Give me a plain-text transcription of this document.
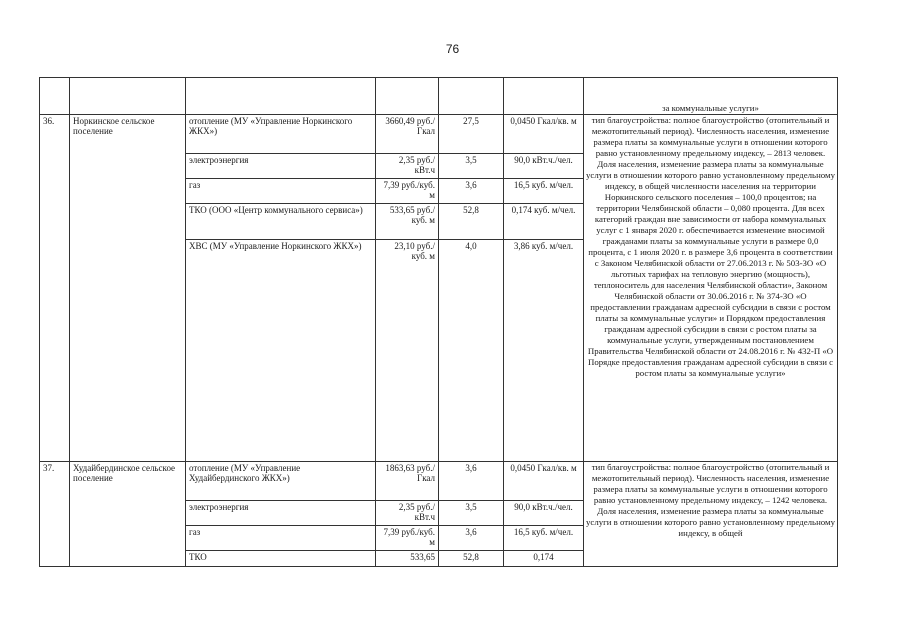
76
						за коммунальные услуги»
36.	Норкинское сельское поселение	отопление (МУ «Управление Норкинского ЖКХ»)	3660,49 руб./Гкал	27,5	0,0450 Гкал/кв. м	тип благоустройства: полное благоустройство (отопительный и межотопительный период). Численность населения, изменение размера платы за коммунальные услуги в отношении которого равно установленному предельному индексу, – 2813 человек. Доля населения, изменение размера платы за коммунальные услуги в отношении которого равно установленному предельному индексу, в общей численности населения на территории Норкинского сельского поселения – 100,0 процентов; на территории Челябинской области – 0,080 процента. Для всех категорий граждан вне зависимости от набора коммунальных услуг с 1 января 2020 г. обеспечивается изменение вносимой гражданами платы за коммунальные услуги в размере 0,0 процента, с 1 июля 2020 г. в размере 3,6 процента в соответствии с Законом Челябинской области от 27.06.2013 г. № 503-ЗО «О льготных тарифах на тепловую энергию (мощность), теплоноситель для населения Челябинской области», Законом Челябинской области от 30.06.2016 г. № 374-ЗО «О предоставлении гражданам адресной субсидии в связи с ростом платы за коммунальные услуги» и Порядком предоставления гражданам адресной субсидии в связи с ростом платы за коммунальные услуги, утвержденным постановлением Правительства Челябинской области от 24.08.2016 г. № 432-П «О Порядке предоставления гражданам адресной субсидии в связи с ростом платы за коммунальные услуги»
		электроэнергия	2,35 руб./кВт.ч	3,5	90,0 кВт.ч./чел.	
		газ	7,39 руб./куб. м	3,6	16,5 куб. м/чел.	
		ТКО (ООО «Центр коммунального сервиса»)	533,65 руб./куб. м	52,8	0,174 куб. м/чел.	
		ХВС (МУ «Управление Норкинского ЖКХ»)	23,10 руб./куб. м	4,0	3,86 куб. м/чел.	
37.	Худайбердинское сельское поселение	отопление (МУ «Управление Худайбердинского ЖКХ»)	1863,63 руб./Гкал	3,6	0,0450 Гкал/кв. м	тип благоустройства: полное благоустройство (отопительный и межотопительный период). Численность населения, изменение размера платы за коммунальные услуги в отношении которого равно установленному предельному индексу, – 1242 человека. Доля населения, изменение размера платы за коммунальные услуги в отношении которого равно установленному предельному индексу, в общей
		электроэнергия	2,35 руб./кВт.ч	3,5	90,0 кВт.ч./чел.	
		газ	7,39 руб./куб. м	3,6	16,5 куб. м/чел.	
		ТКО	533,65	52,8	0,174	
